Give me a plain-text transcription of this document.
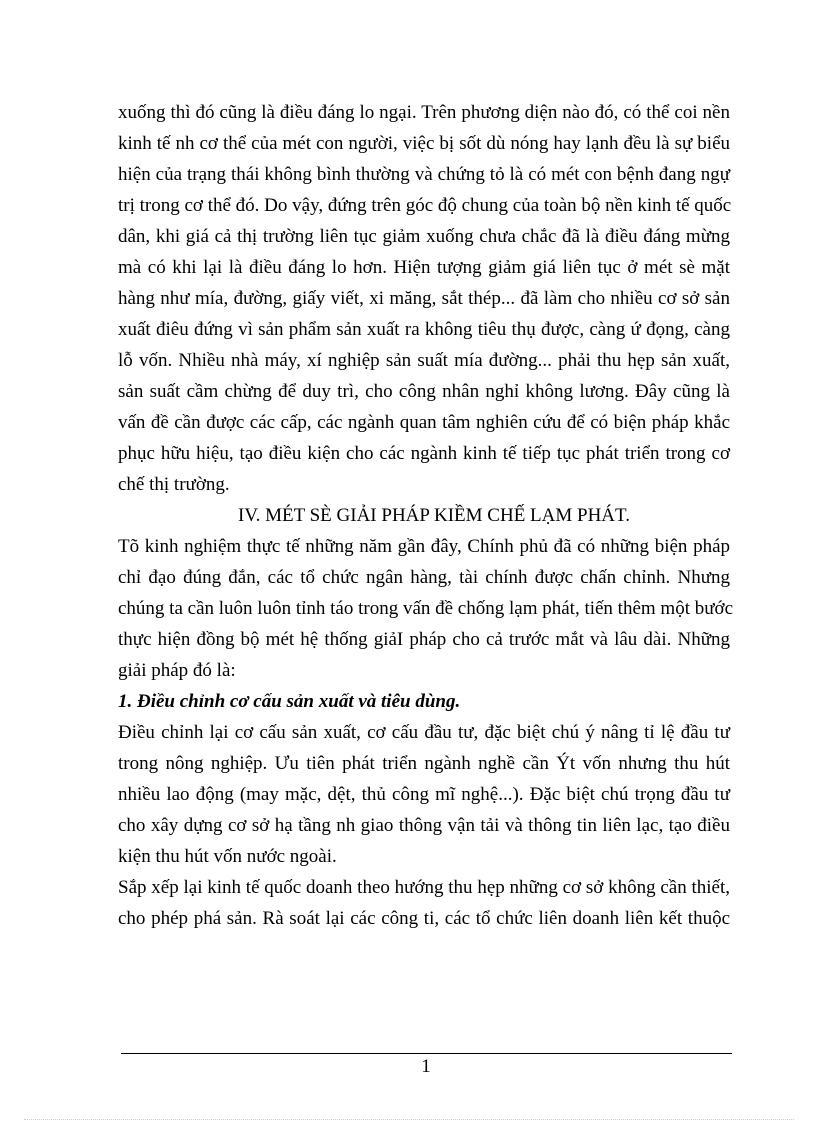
xuống thì đó cũng là điều đáng lo ngại. Trên phương diện nào đó, có thể coi nền
kinh tế nh cơ thể của mét con người, việc bị sốt dù nóng hay lạnh đều là sự biểu
hiện của trạng thái không bình thường và chứng tỏ là có mét con bệnh đang ngự
trị trong cơ thể đó. Do vậy, đứng trên góc độ chung của toàn bộ nền kinh tế quốc
dân, khi giá cả thị trường liên tục giảm xuống chưa chắc đã là điều đáng mừng
mà có khi lại là điều đáng lo hơn. Hiện tượng giảm giá liên tục ở mét sè mặt
hàng như mía, đường, giấy viết, xi măng, sắt thép... đã làm cho nhiều cơ sở sản
xuất điêu đứng vì sản phẩm sản xuất ra không tiêu thụ được, càng ứ đọng, càng
lỗ vốn. Nhiều nhà máy, xí nghiệp sản suất mía đường... phải thu hẹp sản xuất,
sản suất cầm chừng để duy trì, cho công nhân nghỉ không lương. Đây cũng là
vấn đề cần được các cấp, các ngành quan tâm nghiên cứu để có biện pháp khắc
phục hữu hiệu, tạo điều kiện cho các ngành kinh tế tiếp tục phát triển trong cơ
chế thị trường.
IV. MÉT SÈ GIẢI PHÁP KIỀM CHẾ LẠM PHÁT.
Tõ kinh nghiệm thực tế những năm gần đây, Chính phủ đã có những biện pháp
chỉ đạo đúng đắn, các tổ chức ngân hàng, tài chính được chấn chỉnh. Nhưng
chúng ta cần luôn luôn tỉnh táo trong vấn đề chống lạm phát, tiến thêm một bước
thực hiện đồng bộ mét hệ thống giảI pháp cho cả trước mắt và lâu dài. Những
giải pháp đó là:
1. Điều chỉnh cơ cấu sản xuất và tiêu dùng.
Điều chỉnh lại cơ cấu sản xuất, cơ cấu đầu tư, đặc biệt chú ý nâng tỉ lệ đầu tư
trong nông nghiệp. Ưu tiên phát triển ngành nghề cần Ýt vốn nhưng thu hút
nhiều lao động (may mặc, dệt, thủ công mĩ nghệ...). Đặc biệt chú trọng đầu tư
cho xây dựng cơ sở hạ tầng nh giao thông vận tải và thông tin liên lạc, tạo điều
kiện thu hút vốn nước ngoài.
Sắp xếp lại kinh tế quốc doanh theo hướng thu hẹp những cơ sở không cần thiết,
cho phép phá sản. Rà soát lại các công ti, các tổ chức liên doanh liên kết thuộc
1
